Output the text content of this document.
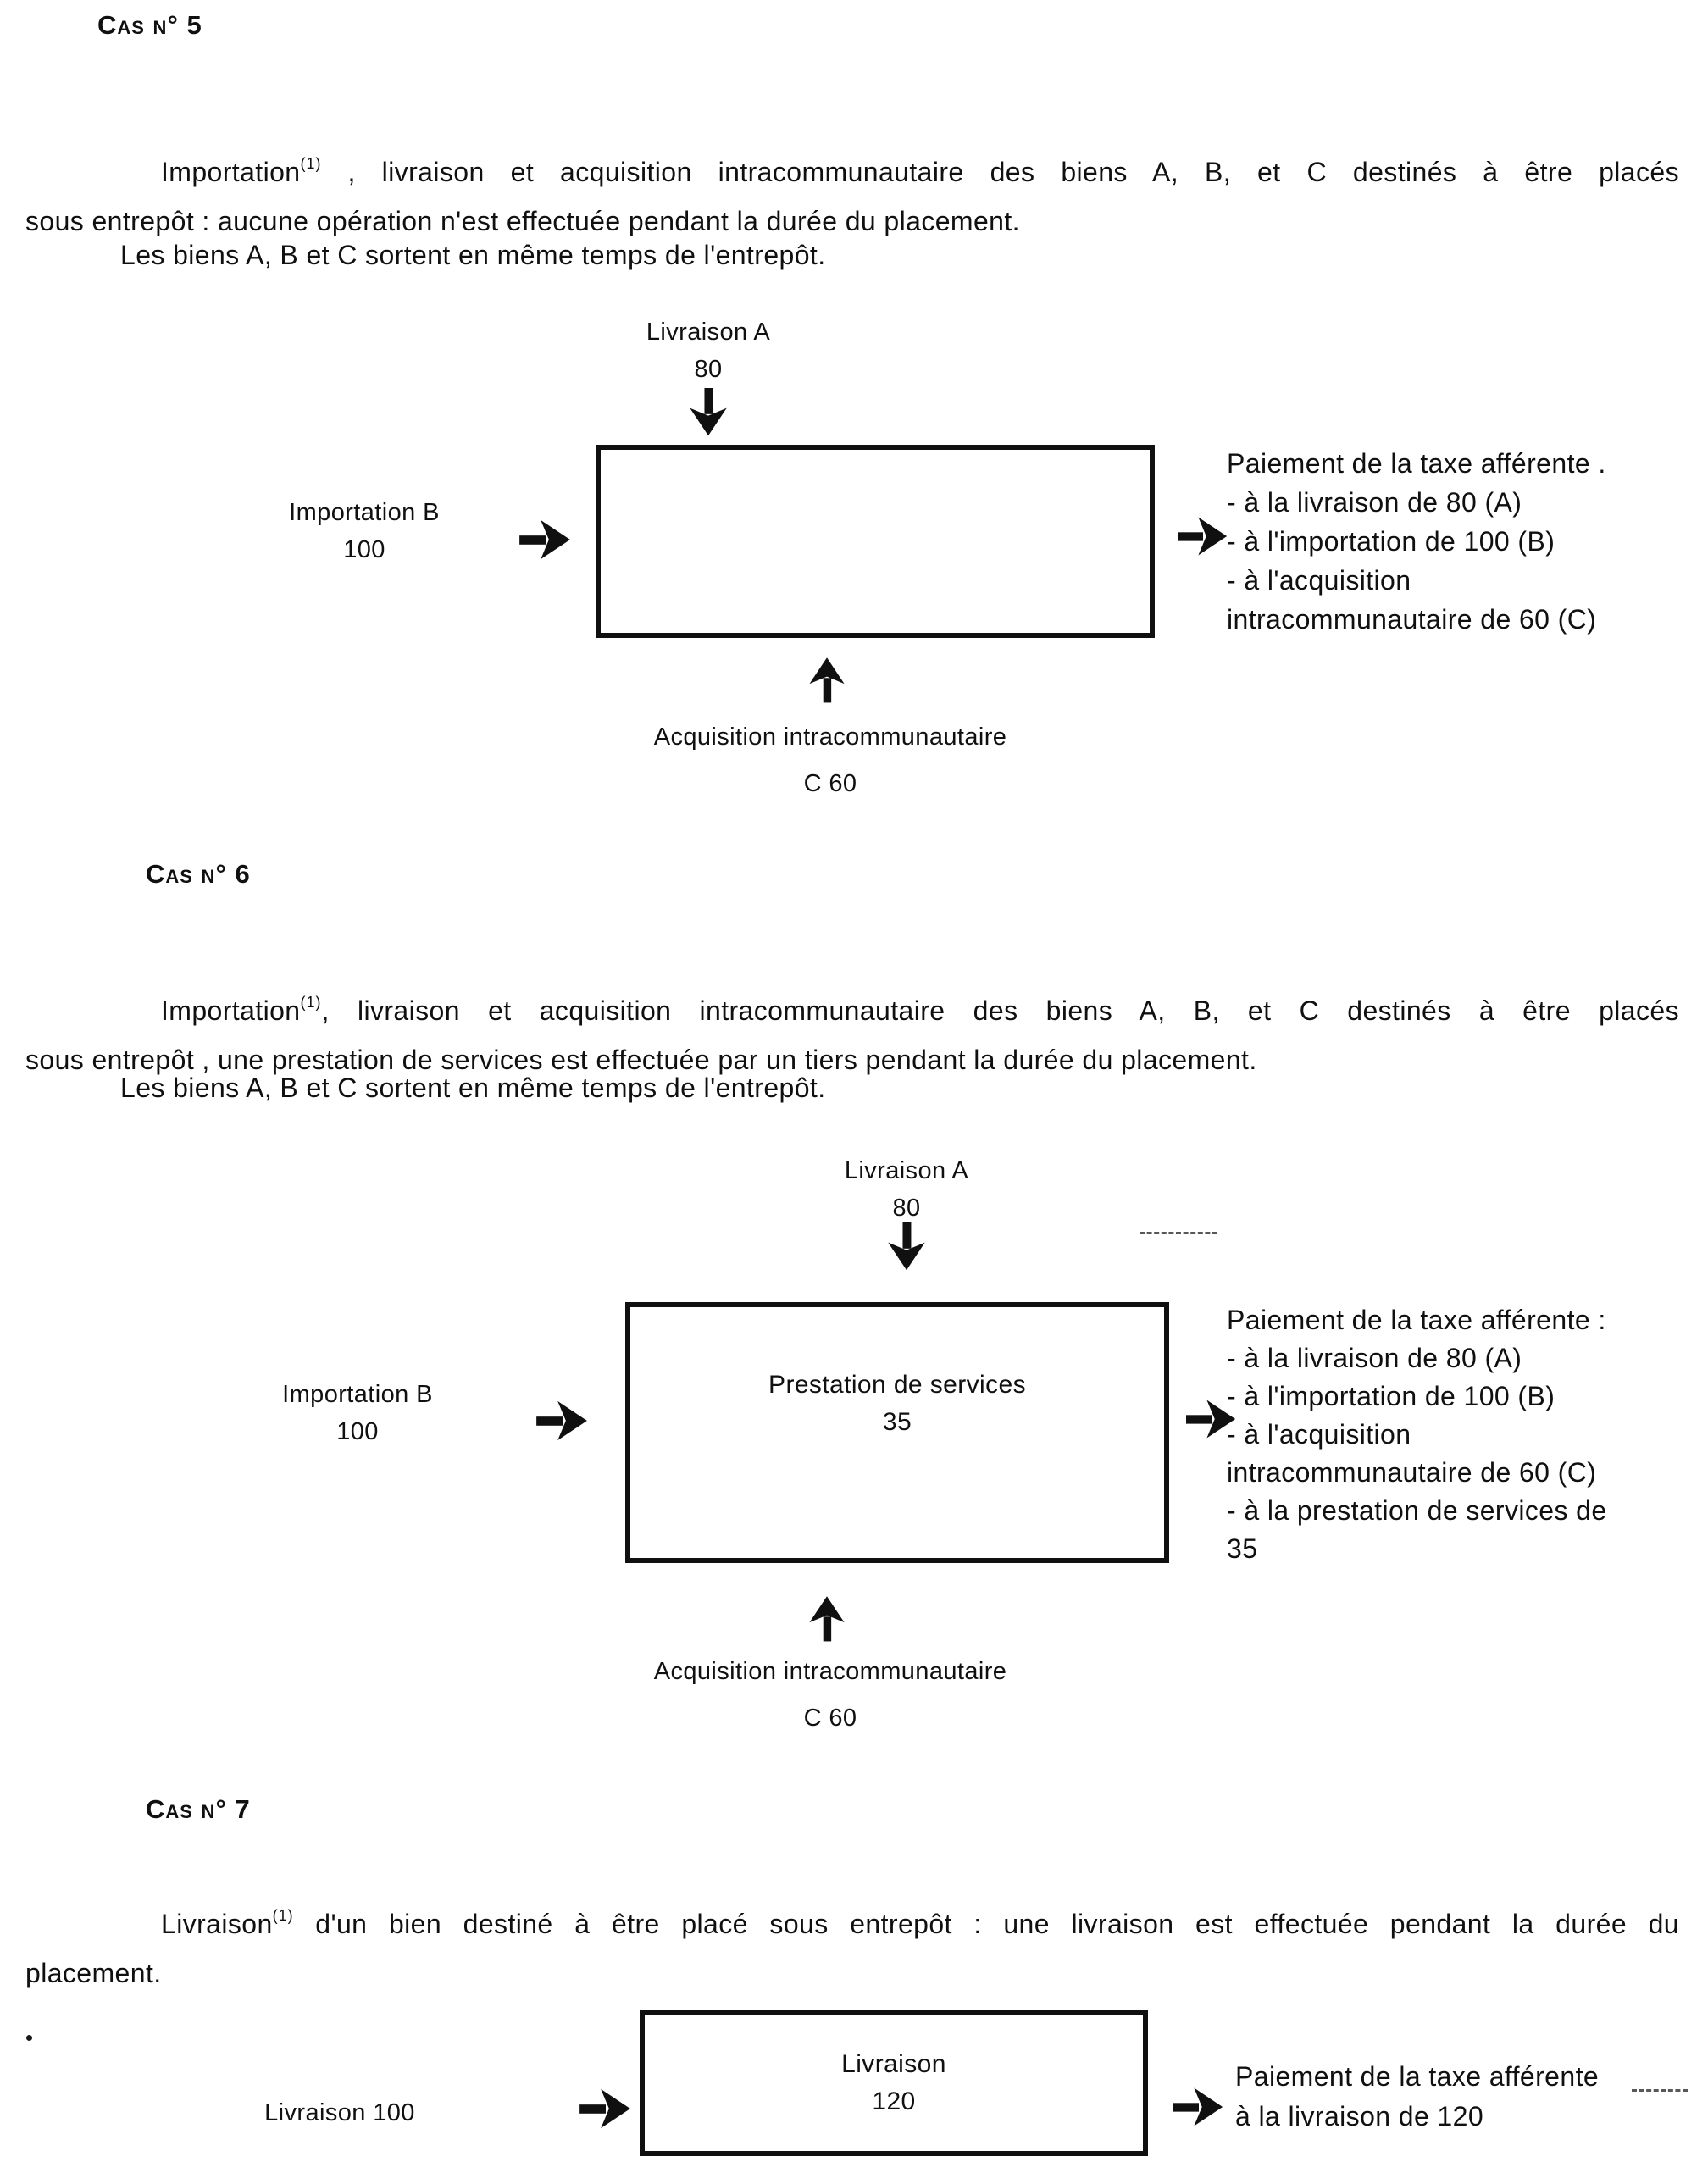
Cas n° 5
Importation$^{(1)}$ , livraison et acquisition intracommunautaire des biens A, B, et C destinés à être placés
sous entrepôt : aucune opération n'est effectuée pendant la durée du placement.
Les biens A, B et C sortent en même temps de l'entrepôt.
Livraison A
80
Importation B
100
Paiement de la taxe afférente .
- à la livraison de 80 (A)
- à l'importation de 100 (B)
- à l'acquisition
intracommunautaire de 60 (C)
Acquisition intracommunautaire
C 60
Cas n° 6
Importation$^{(1)}$, livraison et acquisition intracommunautaire des biens A, B, et C destinés à être placés
sous entrepôt , une prestation de services est effectuée par un tiers pendant la durée du placement.
Les biens A, B et C sortent en même temps de l'entrepôt.
Livraison A
80
Importation B
100
Prestation de services
35
Paiement de la taxe afférente :
- à la livraison de 80 (A)
- à l'importation de 100 (B)
- à l'acquisition
intracommunautaire de 60 (C)
- à la prestation de services de
35
Acquisition intracommunautaire
C 60
Cas n° 7
Livraison$^{(1)}$ d'un bien destiné à être placé sous entrepôt : une livraison est effectuée pendant la durée du
placement.
Livraison 100
Livraison
120
Paiement de la taxe afférente
à la livraison de 120
